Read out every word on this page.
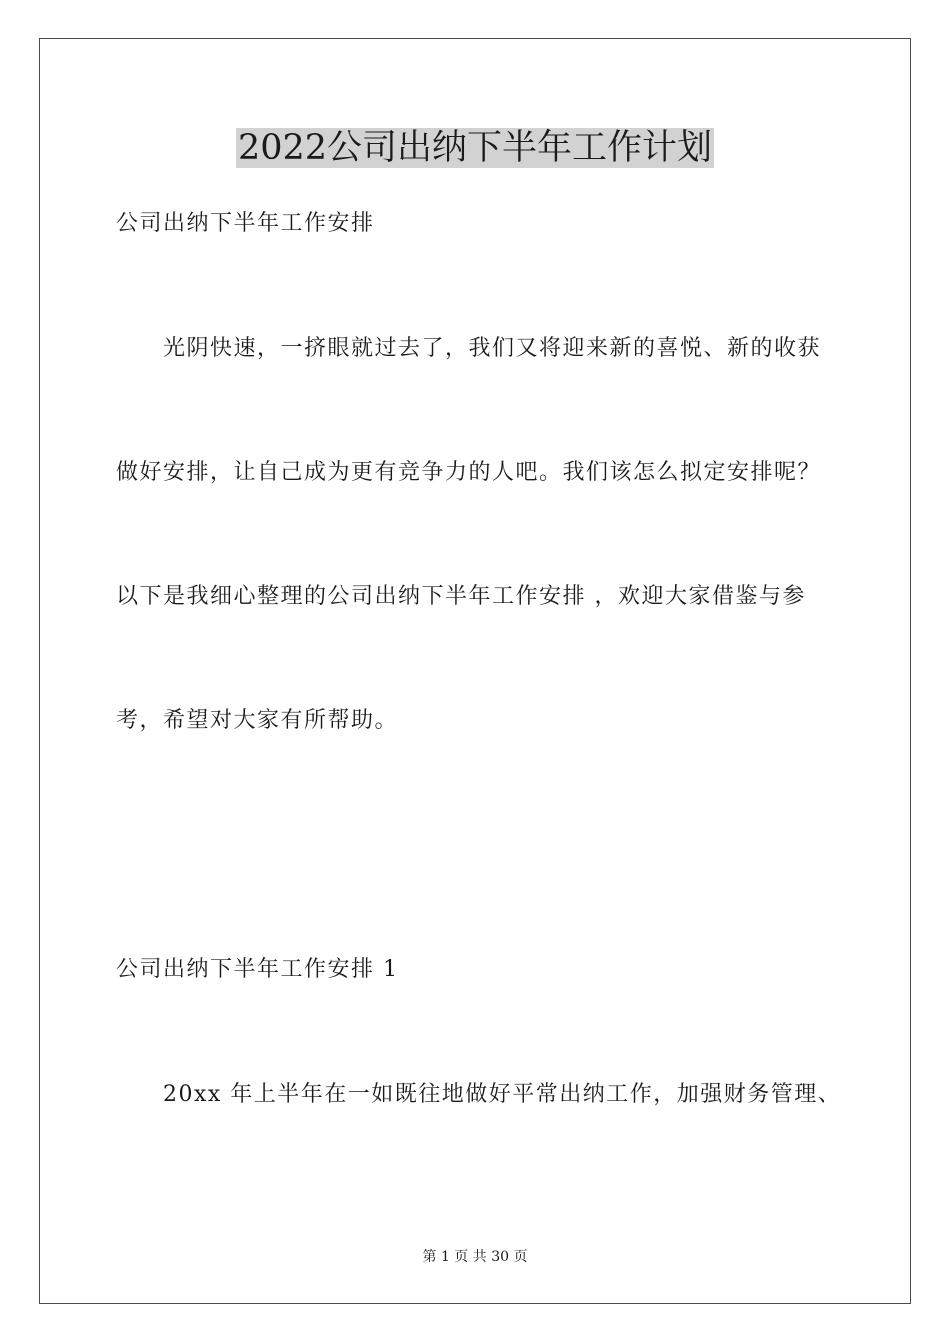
2022公司出纳下半年工作计划

公司出纳下半年工作安排

光阴快速，一挤眼就过去了，我们又将迎来新的喜悦、新的收获

做好安排，让自己成为更有竞争力的人吧。我们该怎么拟定安排呢？

以下是我细心整理的公司出纳下半年工作安排 ，欢迎大家借鉴与参

考，希望对大家有所帮助。

公司出纳下半年工作安排 1

20xx 年上半年在一如既往地做好平常出纳工作，加强财务管理、

第 1 页 共 30 页
